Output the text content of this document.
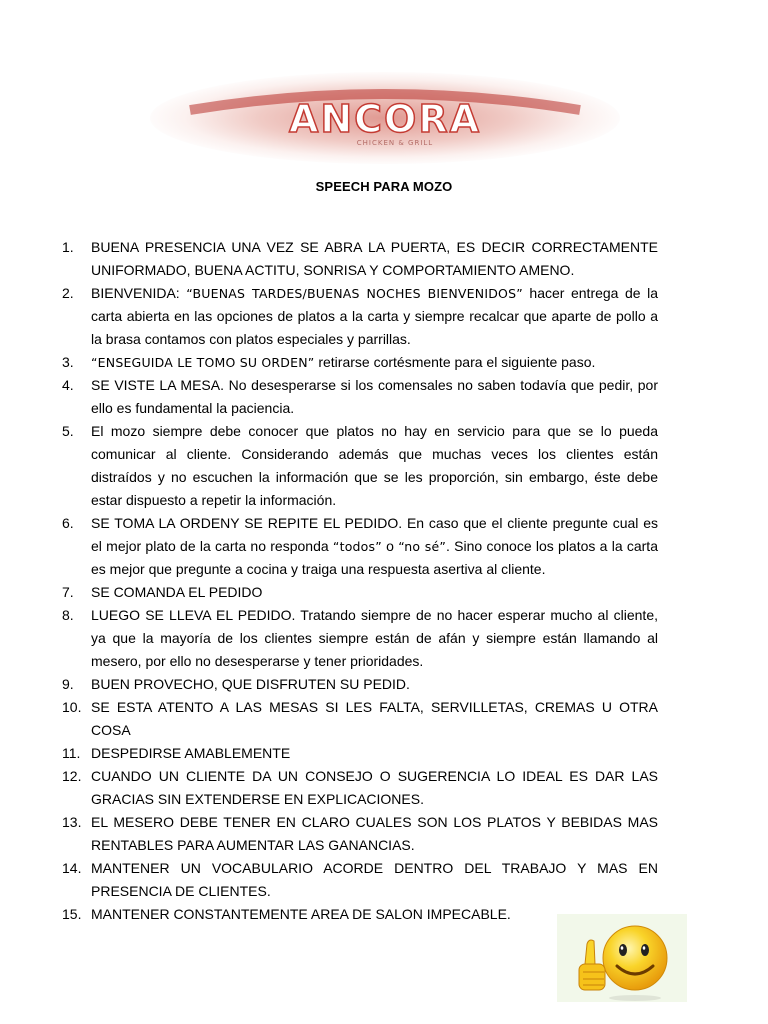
ANCORA
CHICKEN & GRILL
SPEECH PARA MOZO
1.	BUENA PRESENCIA UNA VEZ SE ABRA LA PUERTA, ES DECIR CORRECTAMENTE UNIFORMADO, BUENA ACTITU, SONRISA Y COMPORTAMIENTO AMENO.
2.	BIENVENIDA: “BUENAS TARDES/BUENAS NOCHES BIENVENIDOS” hacer entrega de la carta abierta en las opciones de platos a la carta y siempre recalcar que aparte de pollo a la brasa contamos con platos especiales y parrillas.
3.	“ENSEGUIDA LE TOMO SU ORDEN” retirarse cortésmente para el siguiente paso.
4.	SE VISTE LA MESA. No desesperarse si los comensales no saben todavía que pedir, por ello es fundamental la paciencia.
5.	El mozo siempre debe conocer que platos no hay en servicio para que se lo pueda comunicar al cliente. Considerando además que muchas veces los clientes están distraídos y no escuchen la información que se les proporción, sin embargo, éste debe estar dispuesto a repetir la información.
6.	SE TOMA LA ORDENY SE REPITE EL PEDIDO. En caso que el cliente pregunte cual es el mejor plato de la carta no responda “todos” o “no sé”. Sino conoce los platos a la carta es mejor que pregunte a cocina y traiga una respuesta asertiva al cliente.
7.	SE COMANDA EL PEDIDO
8.	LUEGO SE LLEVA EL PEDIDO. Tratando siempre de no hacer esperar mucho al cliente, ya que la mayoría de los clientes siempre están de afán y siempre están llamando al mesero, por ello no desesperarse y tener prioridades.
9.	BUEN PROVECHO, QUE DISFRUTEN SU PEDID.
10. SE ESTA ATENTO A LAS MESAS SI LES FALTA, SERVILLETAS, CREMAS U OTRA COSA
11. DESPEDIRSE AMABLEMENTE
12. CUANDO UN CLIENTE DA UN CONSEJO O SUGERENCIA LO IDEAL ES DAR LAS GRACIAS SIN EXTENDERSE EN EXPLICACIONES.
13. EL MESERO DEBE TENER EN CLARO CUALES SON LOS PLATOS Y BEBIDAS MAS RENTABLES PARA AUMENTAR LAS GANANCIAS.
14. MANTENER UN VOCABULARIO ACORDE DENTRO DEL TRABAJO Y MAS EN PRESENCIA DE CLIENTES.
15. MANTENER CONSTANTEMENTE AREA DE SALON IMPECABLE.
